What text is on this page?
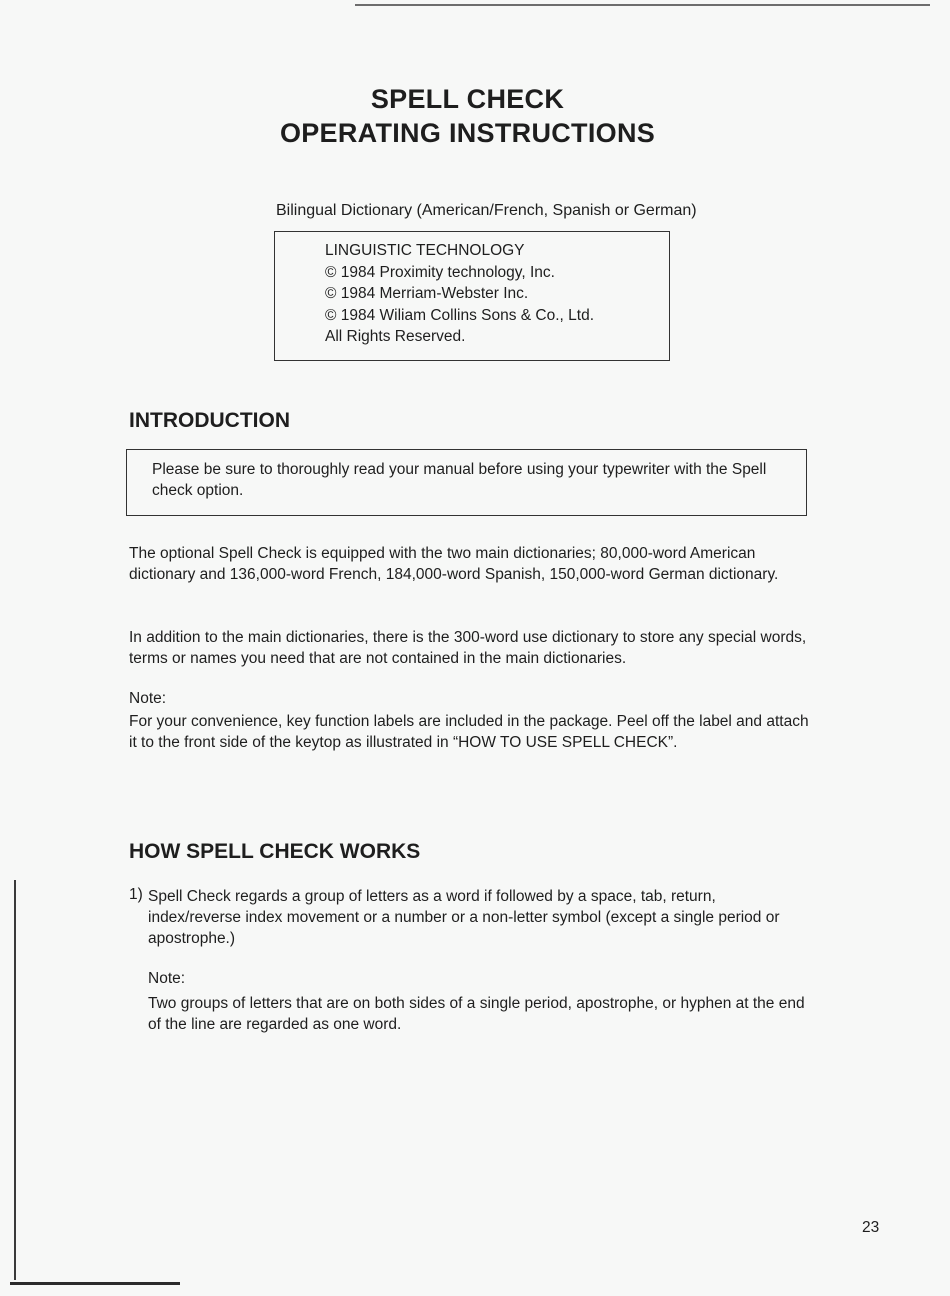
SPELL CHECK
OPERATING INSTRUCTIONS
Bilingual Dictionary (American/French, Spanish or German)
LINGUISTIC TECHNOLOGY
© 1984 Proximity technology, Inc.
© 1984 Merriam-Webster Inc.
© 1984 Wiliam Collins Sons & Co., Ltd.
All Rights Reserved.
INTRODUCTION
Please be sure to thoroughly read your manual before using your typewriter with the Spell check option.
The optional Spell Check is equipped with the two main dictionaries; 80,000-word American dictionary and 136,000-word French, 184,000-word Spanish, 150,000-word German dictionary.
In addition to the main dictionaries, there is the 300-word use dictionary to store any special words, terms or names you need that are not contained in the main dictionaries.
Note:
For your convenience, key function labels are included in the package. Peel off the label and attach it to the front side of the keytop as illustrated in “HOW TO USE SPELL CHECK”.
HOW SPELL CHECK WORKS
1) Spell Check regards a group of letters as a word if followed by a space, tab, return, index/reverse index movement or a number or a non-letter symbol (except a single period or apostrophe.)
Note:
Two groups of letters that are on both sides of a single period, apostrophe, or hyphen at the end of the line are regarded as one word.
23
